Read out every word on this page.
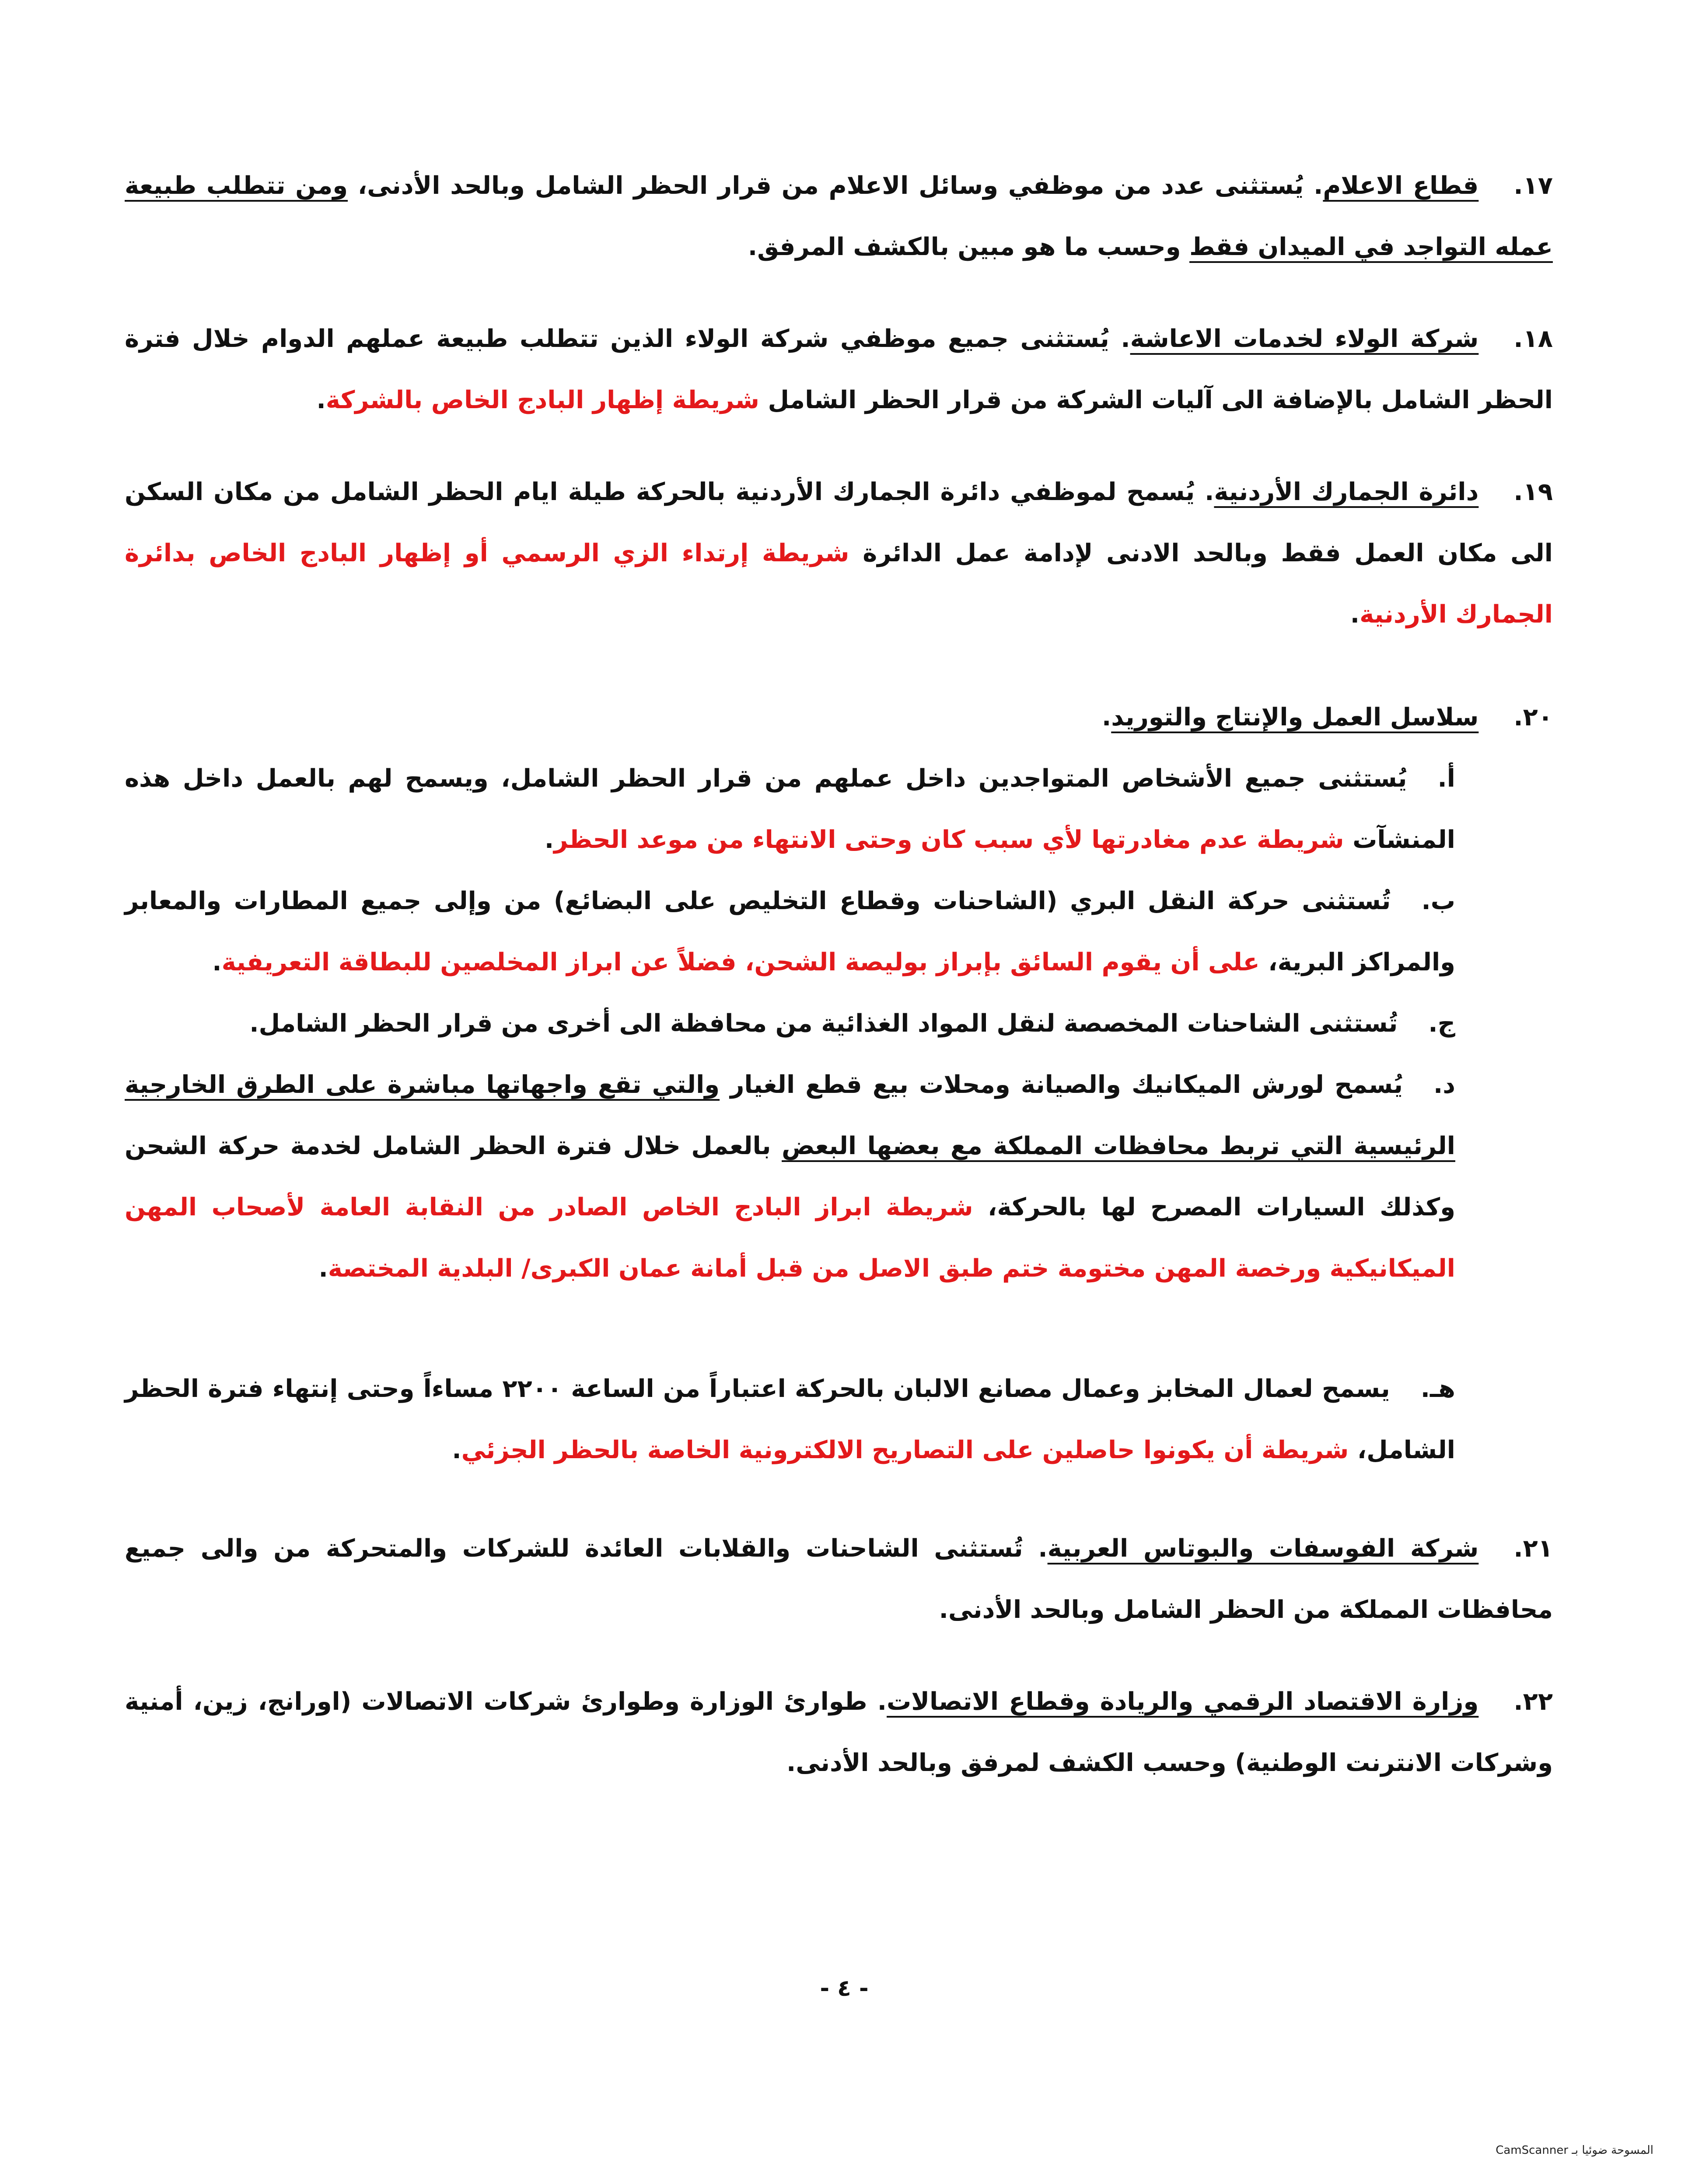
١٧.قطاع الاعلام. يُستثنى عدد من موظفي وسائل الاعلام من قرار الحظر الشامل وبالحد الأدنى، ومن تتطلب طبيعة عمله التواجد في الميدان فقط وحسب ما هو مبين بالكشف المرفق.
١٨.شركة الولاء لخدمات الاعاشة. يُستثنى جميع موظفي شركة الولاء الذين تتطلب طبيعة عملهم الدوام خلال فترة الحظر الشامل بالإضافة الى آليات الشركة من قرار الحظر الشامل شريطة إظهار البادج الخاص بالشركة.
١٩.دائرة الجمارك الأردنية. يُسمح لموظفي دائرة الجمارك الأردنية بالحركة طيلة ايام الحظر الشامل من مكان السكن الى مكان العمل فقط وبالحد الادنى لإدامة عمل الدائرة شريطة إرتداء الزي الرسمي أو إظهار البادج الخاص بدائرة الجمارك الأردنية.
٢٠.سلاسل العمل والإنتاج والتوريد.
أ.يُستثنى جميع الأشخاص المتواجدين داخل عملهم من قرار الحظر الشامل، ويسمح لهم بالعمل داخل هذه المنشآت شريطة عدم مغادرتها لأي سبب كان وحتى الانتهاء من موعد الحظر.
ب.تُستثنى حركة النقل البري (الشاحنات وقطاع التخليص على البضائع) من وإلى جميع المطارات والمعابر والمراكز البرية، على أن يقوم السائق بإبراز بوليصة الشحن، فضلاً عن ابراز المخلصين للبطاقة التعريفية.
ج.تُستثنى الشاحنات المخصصة لنقل المواد الغذائية من محافظة الى أخرى من قرار الحظر الشامل.
د.يُسمح لورش الميكانيك والصيانة ومحلات بيع قطع الغيار والتي تقع واجهاتها مباشرة على الطرق الخارجية الرئيسية التي تربط محافظات المملكة مع بعضها البعض بالعمل خلال فترة الحظر الشامل لخدمة حركة الشحن وكذلك السيارات المصرح لها بالحركة، شريطة ابراز البادج الخاص الصادر من النقابة العامة لأصحاب المهن الميكانيكية ورخصة المهن مختومة ختم طبق الاصل من قبل أمانة عمان الكبرى/ البلدية المختصة.
هـ.يسمح لعمال المخابز وعمال مصانع الالبان بالحركة اعتباراً من الساعة ٢٢٠٠ مساءاً وحتى إنتهاء فترة الحظر الشامل، شريطة أن يكونوا حاصلين على التصاريح الالكترونية الخاصة بالحظر الجزئي.
٢١.شركة الفوسفات والبوتاس العربية. تُستثنى الشاحنات والقلابات العائدة للشركات والمتحركة من والى جميع محافظات المملكة من الحظر الشامل وبالحد الأدنى.
٢٢.وزارة الاقتصاد الرقمي والريادة وقطاع الاتصالات. طوارئ الوزارة وطوارئ شركات الاتصالات (اورانج، زين، أمنية وشركات الانترنت الوطنية) وحسب الكشف لمرفق وبالحد الأدنى.
- ٤ -
المسوحة ضوئيا بـ CamScanner
